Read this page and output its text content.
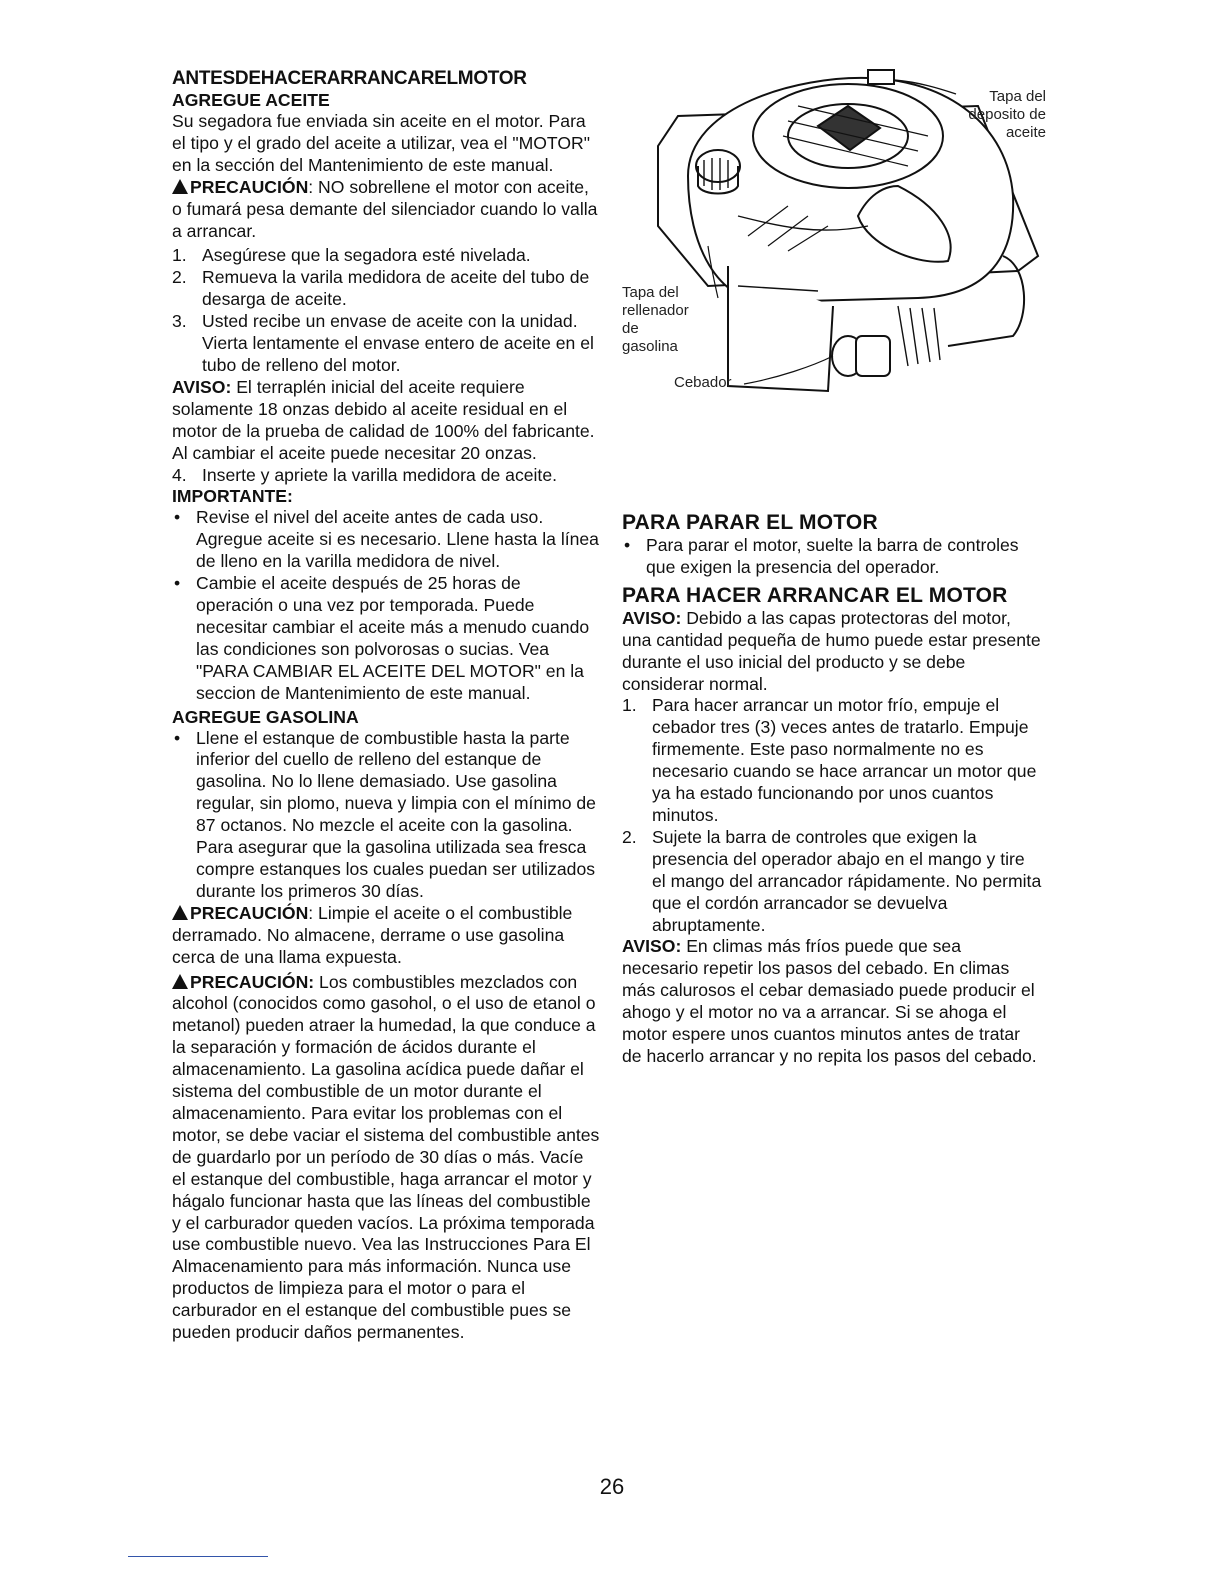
ANTESDEHACERARRANCARELMOTOR

AGREGUE ACEITE

Su segadora fue enviada sin aceite en el motor. Para el tipo y el grado del aceite a utilizar, vea el "MOTOR" en la sección del Mantenimiento de este manual.

PRECAUCIÓN: NO sobrellene el motor con aceite, o fumará pesa demante del silenciador cuando lo valla a arrancar.

1. Asegúrese que la segadora esté nivelada.
2. Remueva la varila medidora de aceite del tubo de desarga de aceite.
3. Usted recibe un envase de aceite con la unidad. Vierta lentamente el envase entero de aceite en el tubo de relleno del motor.

AVISO: El terraplén inicial del aceite requiere solamente 18 onzas debido al aceite residual en el motor de la prueba de calidad de 100% del fabricante. Al cambiar el aceite puede necesitar 20 onzas.

4. Inserte y apriete la varilla medidora de aceite.

IMPORTANTE:

• Revise el nivel del aceite antes de cada uso. Agregue aceite si es necesario. Llene hasta la línea de lleno en la varilla medidora de nivel.
• Cambie el aceite después de 25 horas de operación o una vez por temporada. Puede necesitar cambiar el aceite más a menudo cuando las condiciones son polvorosas o sucias. Vea "PARA CAMBIAR EL ACEITE DEL MOTOR" en la seccion de Mantenimiento de este manual.

AGREGUE GASOLINA

• Llene el estanque de combustible hasta la parte inferior del cuello de relleno del estanque de gasolina. No lo llene demasiado. Use gasolina regular, sin plomo, nueva y limpia con el mínimo de 87 octanos. No mezcle el aceite con la gasolina. Para asegurar que la gasolina utilizada sea fresca compre estanques los cuales puedan ser utilizados durante los primeros 30 días.

PRECAUCIÓN: Limpie el aceite o el combustible derramado. No almacene, derrame o use gasolina cerca de una llama expuesta.

PRECAUCIÓN: Los combustibles mezclados con alcohol (conocidos como gasohol, o el uso de etanol o metanol) pueden atraer la humedad, la que conduce a la separación y formación de ácidos durante el almacenamiento. La gasolina acídica puede dañar el sistema del combustible de un motor durante el almacenamiento. Para evitar los problemas con el motor, se debe vaciar el sistema del combustible antes de guardarlo por un período de 30 días o más. Vacíe el estanque del combustible, haga arrancar el motor y hágalo funcionar hasta que las líneas del combustible y el carburador queden vacíos. La próxima temporada use combustible nuevo. Vea las Instrucciones Para El Almacenamiento para más información. Nunca use productos de limpieza para el motor o para el carburador en el estanque del combustible pues se pueden producir daños permanentes.

Tapa del
deposito de
aceite
Tapa del
rellenador
de
gasolina
Cebador

PARA PARAR EL MOTOR

• Para parar el motor, suelte la barra de controles que exigen la presencia del operador.

PARA HACER ARRANCAR EL MOTOR

AVISO: Debido a las capas protectoras del motor, una cantidad pequeña de humo puede estar presente durante el uso inicial del producto y se debe considerar normal.

1. Para hacer arrancar un motor frío, empuje el cebador tres (3) veces antes de tratarlo. Empuje firmemente. Este paso normalmente no es necesario cuando se hace arrancar un motor que ya ha estado funcionando por unos cuantos minutos.
2. Sujete la barra de controles que exigen la presencia del operador abajo en el mango y tire el mango del arrancador rápidamente. No permita que el cordón arrancador se devuelva abruptamente.

AVISO: En climas más fríos puede que sea necesario repetir los pasos del cebado. En climas más calurosos el cebar demasiado puede producir el ahogo y el motor no va a arrancar. Si se ahoga el motor espere unos cuantos minutos antes de tratar de hacerlo arrancar y no repita los pasos del cebado.

26
